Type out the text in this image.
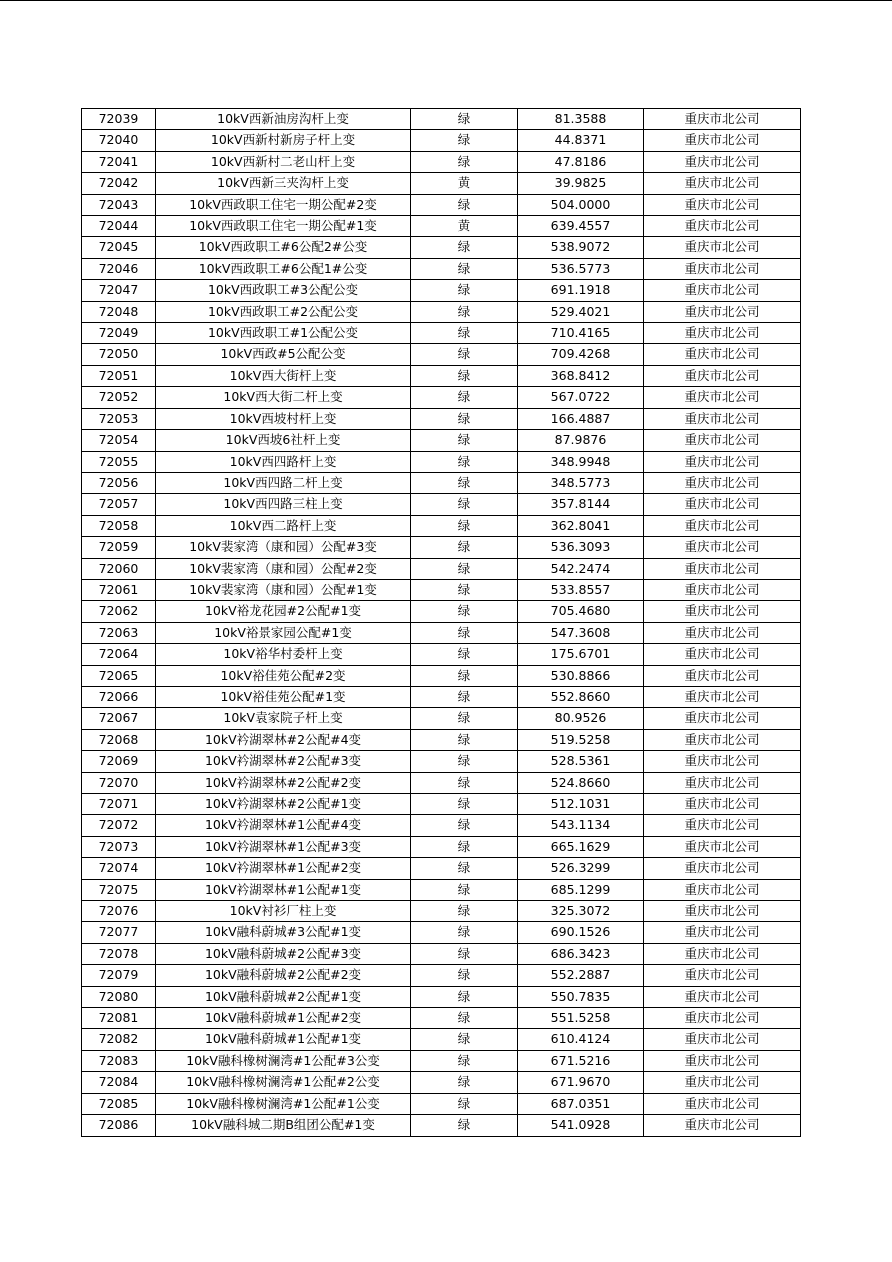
72039	10kV西新油房沟杆上变	绿	81.3588	重庆市北公司
72040	10kV西新村新房子杆上变	绿	44.8371	重庆市北公司
72041	10kV西新村二老山杆上变	绿	47.8186	重庆市北公司
72042	10kV西新三夹沟杆上变	黄	39.9825	重庆市北公司
72043	10kV西政职工住宅一期公配#2变	绿	504.0000	重庆市北公司
72044	10kV西政职工住宅一期公配#1变	黄	639.4557	重庆市北公司
72045	10kV西政职工#6公配2#公变	绿	538.9072	重庆市北公司
72046	10kV西政职工#6公配1#公变	绿	536.5773	重庆市北公司
72047	10kV西政职工#3公配公变	绿	691.1918	重庆市北公司
72048	10kV西政职工#2公配公变	绿	529.4021	重庆市北公司
72049	10kV西政职工#1公配公变	绿	710.4165	重庆市北公司
72050	10kV西政#5公配公变	绿	709.4268	重庆市北公司
72051	10kV西大街杆上变	绿	368.8412	重庆市北公司
72052	10kV西大街二杆上变	绿	567.0722	重庆市北公司
72053	10kV西坡村杆上变	绿	166.4887	重庆市北公司
72054	10kV西坡6社杆上变	绿	87.9876	重庆市北公司
72055	10kV西四路杆上变	绿	348.9948	重庆市北公司
72056	10kV西四路二杆上变	绿	348.5773	重庆市北公司
72057	10kV西四路三柱上变	绿	357.8144	重庆市北公司
72058	10kV西二路杆上变	绿	362.8041	重庆市北公司
72059	10kV裴家湾（康和园）公配#3变	绿	536.3093	重庆市北公司
72060	10kV裴家湾（康和园）公配#2变	绿	542.2474	重庆市北公司
72061	10kV裴家湾（康和园）公配#1变	绿	533.8557	重庆市北公司
72062	10kV裕龙花园#2公配#1变	绿	705.4680	重庆市北公司
72063	10kV裕景家园公配#1变	绿	547.3608	重庆市北公司
72064	10kV裕华村委杆上变	绿	175.6701	重庆市北公司
72065	10kV裕佳苑公配#2变	绿	530.8866	重庆市北公司
72066	10kV裕佳苑公配#1变	绿	552.8660	重庆市北公司
72067	10kV袁家院子杆上变	绿	80.9526	重庆市北公司
72068	10kV衿湖翠林#2公配#4变	绿	519.5258	重庆市北公司
72069	10kV衿湖翠林#2公配#3变	绿	528.5361	重庆市北公司
72070	10kV衿湖翠林#2公配#2变	绿	524.8660	重庆市北公司
72071	10kV衿湖翠林#2公配#1变	绿	512.1031	重庆市北公司
72072	10kV衿湖翠林#1公配#4变	绿	543.1134	重庆市北公司
72073	10kV衿湖翠林#1公配#3变	绿	665.1629	重庆市北公司
72074	10kV衿湖翠林#1公配#2变	绿	526.3299	重庆市北公司
72075	10kV衿湖翠林#1公配#1变	绿	685.1299	重庆市北公司
72076	10kV衬衫厂柱上变	绿	325.3072	重庆市北公司
72077	10kV融科蔚城#3公配#1变	绿	690.1526	重庆市北公司
72078	10kV融科蔚城#2公配#3变	绿	686.3423	重庆市北公司
72079	10kV融科蔚城#2公配#2变	绿	552.2887	重庆市北公司
72080	10kV融科蔚城#2公配#1变	绿	550.7835	重庆市北公司
72081	10kV融科蔚城#1公配#2变	绿	551.5258	重庆市北公司
72082	10kV融科蔚城#1公配#1变	绿	610.4124	重庆市北公司
72083	10kV融科橡树澜湾#1公配#3公变	绿	671.5216	重庆市北公司
72084	10kV融科橡树澜湾#1公配#2公变	绿	671.9670	重庆市北公司
72085	10kV融科橡树澜湾#1公配#1公变	绿	687.0351	重庆市北公司
72086	10kV融科城二期B组团公配#1变	绿	541.0928	重庆市北公司
